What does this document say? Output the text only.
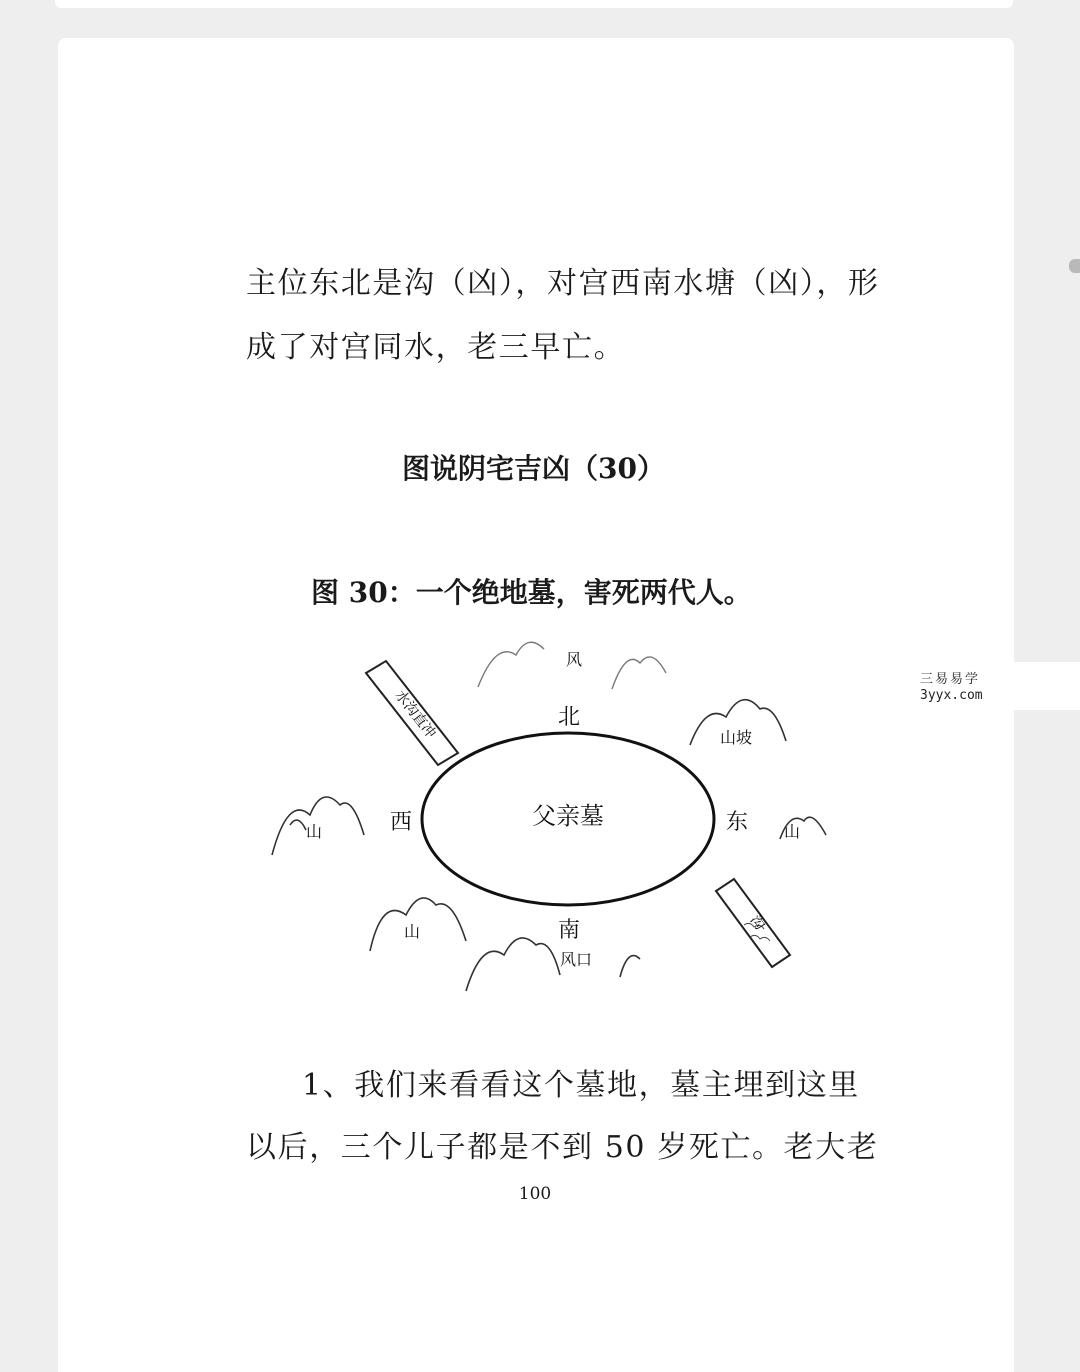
主位东北是沟（凶），对宫西南水塘（凶），形

成了对宫同水，老三早亡。

图说阴宅吉凶（30）
图 30：一个绝地墓，害死两代人。
父亲墓
北
南
东
西
风
风口
山
山
山
山坡
水沟直冲
沟

1、我们来看看这个墓地，墓主埋到这里

以后，三个儿子都是不到 50 岁死亡。老大老

100
三易易学
3yyx.com
